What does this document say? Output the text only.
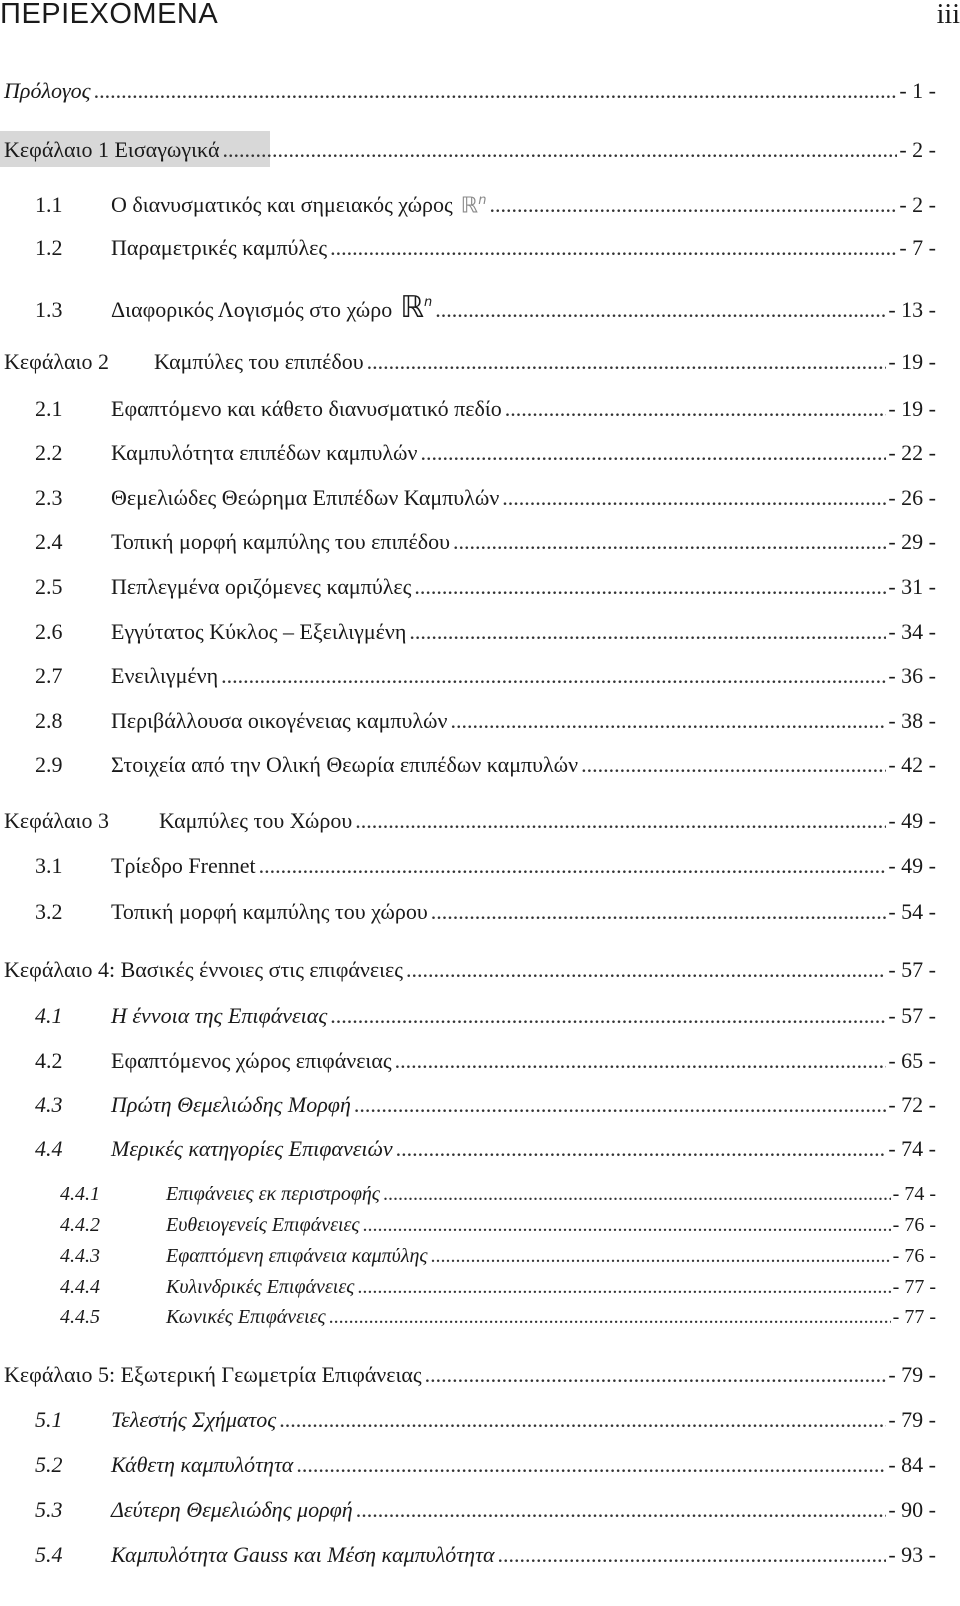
ΠΕΡΙΕΧΟΜΕΝΑ	iii
Πρόλογος .....	- 1 -
Κεφάλαιο 1 Εισαγωγικά .....	- 2 -
1.1	Ο διανυσματικός και σημειακός χώρος ℝ$^n$ .....	- 2 -
1.2	Παραμετρικές καμπύλες .....	- 7 -
1.3	Διαφορικός Λογισμός στο χώρο ℝ$^n$ .....	- 13 -
Κεφάλαιο 2	Καμπύλες του επιπέδου .....	- 19 -
2.1	Εφαπτόμενο και κάθετο διανυσματικό πεδίο .....	- 19 -
2.2	Καμπυλότητα επιπέδων καμπυλών .....	- 22 -
2.3	Θεμελιώδες Θεώρημα Επιπέδων Καμπυλών .....	- 26 -
2.4	Τοπική μορφή καμπύλης του επιπέδου .....	- 29 -
2.5	Πεπλεγμένα οριζόμενες καμπύλες .....	- 31 -
2.6	Εγγύτατος Κύκλος – Εξειλιγμένη .....	- 34 -
2.7	Ενειλιγμένη .....	- 36 -
2.8	Περιβάλλουσα οικογένειας καμπυλών .....	- 38 -
2.9	Στοιχεία από την Ολική Θεωρία επιπέδων καμπυλών .....	- 42 -
Κεφάλαιο 3	Καμπύλες του Χώρου .....	- 49 -
3.1	Τρίεδρο Frennet .....	- 49 -
3.2	Τοπική μορφή καμπύλης του χώρου .....	- 54 -
Κεφάλαιο 4: Βασικές έννοιες στις επιφάνειες .....	- 57 -
4.1	Η έννοια της Επιφάνειας .....	- 57 -
4.2	Εφαπτόμενος χώρος επιφάνειας .....	- 65 -
4.3	Πρώτη Θεμελιώδης Μορφή .....	- 72 -
4.4	Μερικές κατηγορίες Επιφανειών .....	- 74 -
4.4.1	Επιφάνειες εκ περιστροφής .....	- 74 -
4.4.2	Ευθειογενείς Επιφάνειες .....	- 76 -
4.4.3	Εφαπτόμενη επιφάνεια καμπύλης .....	- 76 -
4.4.4	Κυλινδρικές Επιφάνειες .....	- 77 -
4.4.5	Κωνικές Επιφάνειες .....	- 77 -
Κεφάλαιο 5: Εξωτερική Γεωμετρία Επιφάνειας .....	- 79 -
5.1	Τελεστής Σχήματος .....	- 79 -
5.2	Κάθετη καμπυλότητα .....	- 84 -
5.3	Δεύτερη Θεμελιώδης μορφή .....	- 90 -
5.4	Καμπυλότητα Gauss και Μέση καμπυλότητα .....	- 93 -
